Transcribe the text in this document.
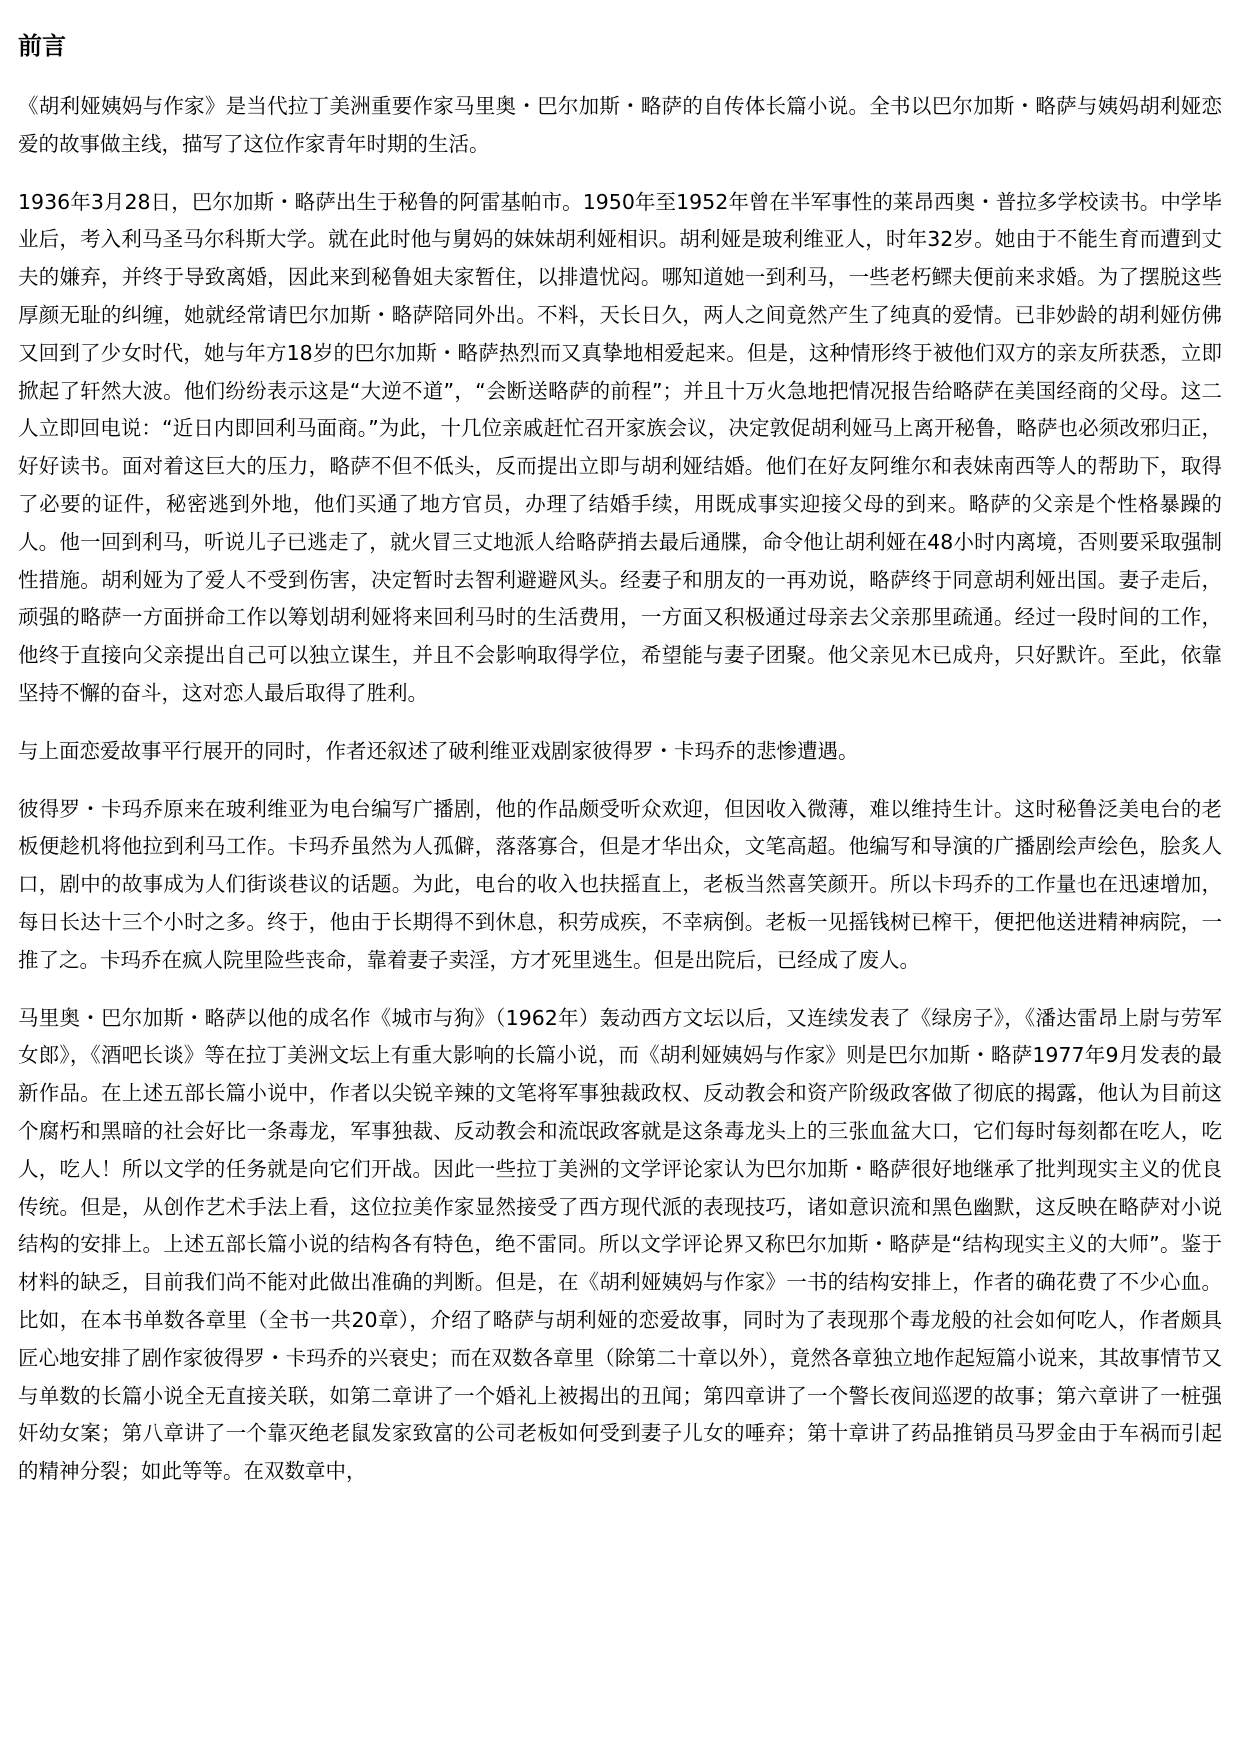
前言

《胡利娅姨妈与作家》是当代拉丁美洲重要作家马里奥・巴尔加斯・略萨的自传体长篇小说。全书以巴尔加斯・略萨与姨妈胡利娅恋爱的故事做主线，描写了这位作家青年时期的生活。

1936年3月28日，巴尔加斯・略萨出生于秘鲁的阿雷基帕市。1950年至1952年曾在半军事性的莱昂西奥・普拉多学校读书。中学毕业后，考入利马圣马尔科斯大学。就在此时他与舅妈的妹妹胡利娅相识。胡利娅是玻利维亚人，时年32岁。她由于不能生育而遭到丈夫的嫌弃，并终于导致离婚，因此来到秘鲁姐夫家暂住，以排遣忧闷。哪知道她一到利马，一些老朽鳏夫便前来求婚。为了摆脱这些厚颜无耻的纠缠，她就经常请巴尔加斯・略萨陪同外出。不料，天长日久，两人之间竟然产生了纯真的爱情。已非妙龄的胡利娅仿佛又回到了少女时代，她与年方18岁的巴尔加斯・略萨热烈而又真挚地相爱起来。但是，这种情形终于被他们双方的亲友所获悉，立即掀起了轩然大波。他们纷纷表示这是“大逆不道”，“会断送略萨的前程”；并且十万火急地把情况报告给略萨在美国经商的父母。这二人立即回电说：“近日内即回利马面商。”为此，十几位亲戚赶忙召开家族会议，决定敦促胡利娅马上离开秘鲁，略萨也必须改邪归正，好好读书。面对着这巨大的压力，略萨不但不低头，反而提出立即与胡利娅结婚。他们在好友阿维尔和表妹南西等人的帮助下，取得了必要的证件，秘密逃到外地，他们买通了地方官员，办理了结婚手续，用既成事实迎接父母的到来。略萨的父亲是个性格暴躁的人。他一回到利马，听说儿子已逃走了，就火冒三丈地派人给略萨捎去最后通牒，命令他让胡利娅在48小时内离境，否则要采取强制性措施。胡利娅为了爱人不受到伤害，决定暂时去智利避避风头。经妻子和朋友的一再劝说，略萨终于同意胡利娅出国。妻子走后，顽强的略萨一方面拼命工作以筹划胡利娅将来回利马时的生活费用，一方面又积极通过母亲去父亲那里疏通。经过一段时间的工作，他终于直接向父亲提出自己可以独立谋生，并且不会影响取得学位，希望能与妻子团聚。他父亲见木已成舟，只好默许。至此，依靠坚持不懈的奋斗，这对恋人最后取得了胜利。

与上面恋爱故事平行展开的同时，作者还叙述了破利维亚戏剧家彼得罗・卡玛乔的悲惨遭遇。

彼得罗・卡玛乔原来在玻利维亚为电台编写广播剧，他的作品颇受听众欢迎，但因收入微薄，难以维持生计。这时秘鲁泛美电台的老板便趁机将他拉到利马工作。卡玛乔虽然为人孤僻，落落寡合，但是才华出众，文笔高超。他编写和导演的广播剧绘声绘色，脍炙人口，剧中的故事成为人们街谈巷议的话题。为此，电台的收入也扶摇直上，老板当然喜笑颜开。所以卡玛乔的工作量也在迅速增加，每日长达十三个小时之多。终于，他由于长期得不到休息，积劳成疾，不幸病倒。老板一见摇钱树已榨干，便把他送进精神病院，一推了之。卡玛乔在疯人院里险些丧命，靠着妻子卖淫，方才死里逃生。但是出院后，已经成了废人。

马里奥・巴尔加斯・略萨以他的成名作《城市与狗》（1962年）轰动西方文坛以后，又连续发表了《绿房子》，《潘达雷昂上尉与劳军女郎》，《酒吧长谈》等在拉丁美洲文坛上有重大影响的长篇小说，而《胡利娅姨妈与作家》则是巴尔加斯・略萨1977年9月发表的最新作品。在上述五部长篇小说中，作者以尖锐辛辣的文笔将军事独裁政权、反动教会和资产阶级政客做了彻底的揭露，他认为目前这个腐朽和黑暗的社会好比一条毒龙，军事独裁、反动教会和流氓政客就是这条毒龙头上的三张血盆大口，它们每时每刻都在吃人，吃人，吃人！所以文学的任务就是向它们开战。因此一些拉丁美洲的文学评论家认为巴尔加斯・略萨很好地继承了批判现实主义的优良传统。但是，从创作艺术手法上看，这位拉美作家显然接受了西方现代派的表现技巧，诸如意识流和黑色幽默，这反映在略萨对小说结构的安排上。上述五部长篇小说的结构各有特色，绝不雷同。所以文学评论界又称巴尔加斯・略萨是“结构现实主义的大师”。鉴于材料的缺乏，目前我们尚不能对此做出准确的判断。但是，在《胡利娅姨妈与作家》一书的结构安排上，作者的确花费了不少心血。比如，在本书单数各章里（全书一共20章），介绍了略萨与胡利娅的恋爱故事，同时为了表现那个毒龙般的社会如何吃人，作者颇具匠心地安排了剧作家彼得罗・卡玛乔的兴衰史；而在双数各章里（除第二十章以外），竟然各章独立地作起短篇小说来，其故事情节又与单数的长篇小说全无直接关联，如第二章讲了一个婚礼上被揭出的丑闻；第四章讲了一个警长夜间巡逻的故事；第六章讲了一桩强奸幼女案；第八章讲了一个靠灭绝老鼠发家致富的公司老板如何受到妻子儿女的唾弃；第十章讲了药品推销员马罗金由于车祸而引起的精神分裂；如此等等。在双数章中，
